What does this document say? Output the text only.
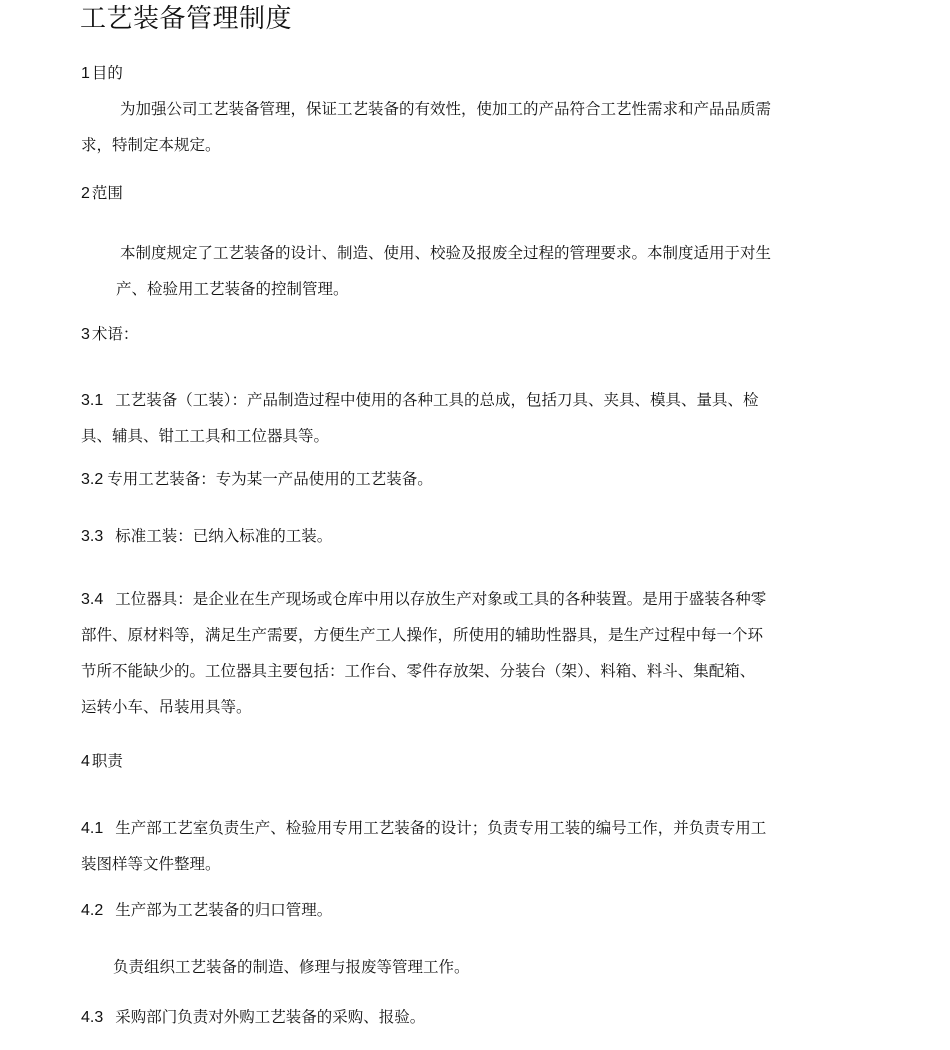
工艺装备管理制度
1 目的
为加强公司工艺装备管理，保证工艺装备的有效性，使加工的产品符合工艺性需求和产品品质需
求，特制定本规定。
2 范围
本制度规定了工艺装备的设计、制造、使用、校验及报废全过程的管理要求。本制度适用于对生
产、检验用工艺装备的控制管理。
3 术语：
3.1 工艺装备（工装）：产品制造过程中使用的各种工具的总成，包括刀具、夹具、模具、量具、检
具、辅具、钳工工具和工位器具等。
3.2 专用工艺装备：专为某一产品使用的工艺装备。
3.3 标准工装：已纳入标准的工装。
3.4 工位器具：是企业在生产现场或仓库中用以存放生产对象或工具的各种装置。是用于盛装各种零
部件、原材料等，满足生产需要，方便生产工人操作，所使用的辅助性器具，是生产过程中每一个环
节所不能缺少的。工位器具主要包括：工作台、零件存放架、分装台（架）、料箱、料斗、集配箱、
运转小车、吊装用具等。
4 职责
4.1 生产部工艺室负责生产、检验用专用工艺装备的设计；负责专用工装的编号工作，并负责专用工
装图样等文件整理。
4.2 生产部为工艺装备的归口管理。
负责组织工艺装备的制造、修理与报废等管理工作。
4.3 采购部门负责对外购工艺装备的采购、报验。
